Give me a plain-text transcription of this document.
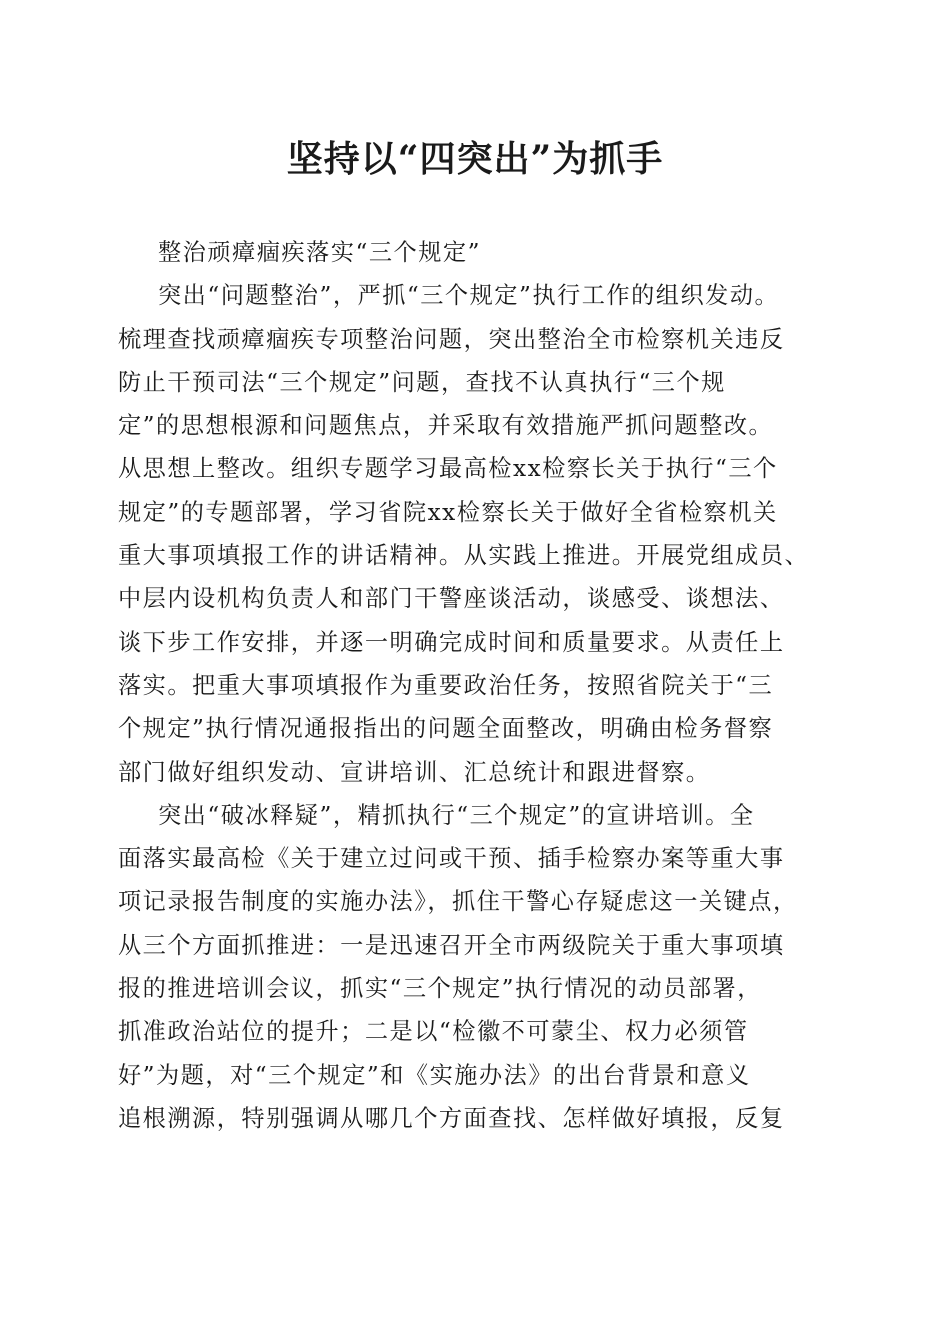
坚持以“四突出”为抓手
整治顽瘴痼疾落实“三个规定”
突出“问题整治”，严抓“三个规定”执行工作的组织发动。
梳理查找顽瘴痼疾专项整治问题，突出整治全市检察机关违反
防止干预司法“三个规定”问题，查找不认真执行“三个规
定”的思想根源和问题焦点，并采取有效措施严抓问题整改。
从思想上整改。组织专题学习最高检xx检察长关于执行“三个
规定”的专题部署，学习省院xx检察长关于做好全省检察机关
重大事项填报工作的讲话精神。从实践上推进。开展党组成员、
中层内设机构负责人和部门干警座谈活动，谈感受、谈想法、
谈下步工作安排，并逐一明确完成时间和质量要求。从责任上
落实。把重大事项填报作为重要政治任务，按照省院关于“三
个规定”执行情况通报指出的问题全面整改，明确由检务督察
部门做好组织发动、宣讲培训、汇总统计和跟进督察。
突出“破冰释疑”，精抓执行“三个规定”的宣讲培训。全
面落实最高检《关于建立过问或干预、插手检察办案等重大事
项记录报告制度的实施办法》，抓住干警心存疑虑这一关键点，
从三个方面抓推进：一是迅速召开全市两级院关于重大事项填
报的推进培训会议，抓实“三个规定”执行情况的动员部署，
抓准政治站位的提升；二是以“检徽不可蒙尘、权力必须管
好”为题，对“三个规定”和《实施办法》的出台背景和意义
追根溯源，特别强调从哪几个方面查找、怎样做好填报，反复
